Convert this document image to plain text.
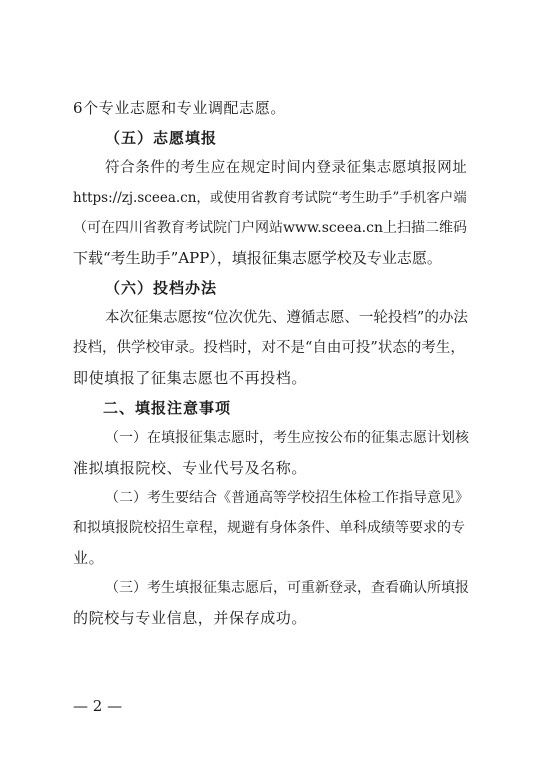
6个专业志愿和专业调配志愿。
（五）志愿填报
符合条件的考生应在规定时间内登录征集志愿填报网址
https://zj.sceea.cn，或使用省教育考试院“考生助手”手机客户端
（可在四川省教育考试院门户网站www.sceea.cn上扫描二维码
下载“考生助手”APP），填报征集志愿学校及专业志愿。
（六）投档办法
本次征集志愿按“位次优先、遵循志愿、一轮投档”的办法
投档，供学校审录。投档时，对不是“自由可投”状态的考生，
即使填报了征集志愿也不再投档。
二、填报注意事项
（一）在填报征集志愿时，考生应按公布的征集志愿计划核
准拟填报院校、专业代号及名称。
（二）考生要结合《普通高等学校招生体检工作指导意见》
和拟填报院校招生章程，规避有身体条件、单科成绩等要求的专
业。
（三）考生填报征集志愿后，可重新登录，查看确认所填报
的院校与专业信息，并保存成功。
— 2 —
